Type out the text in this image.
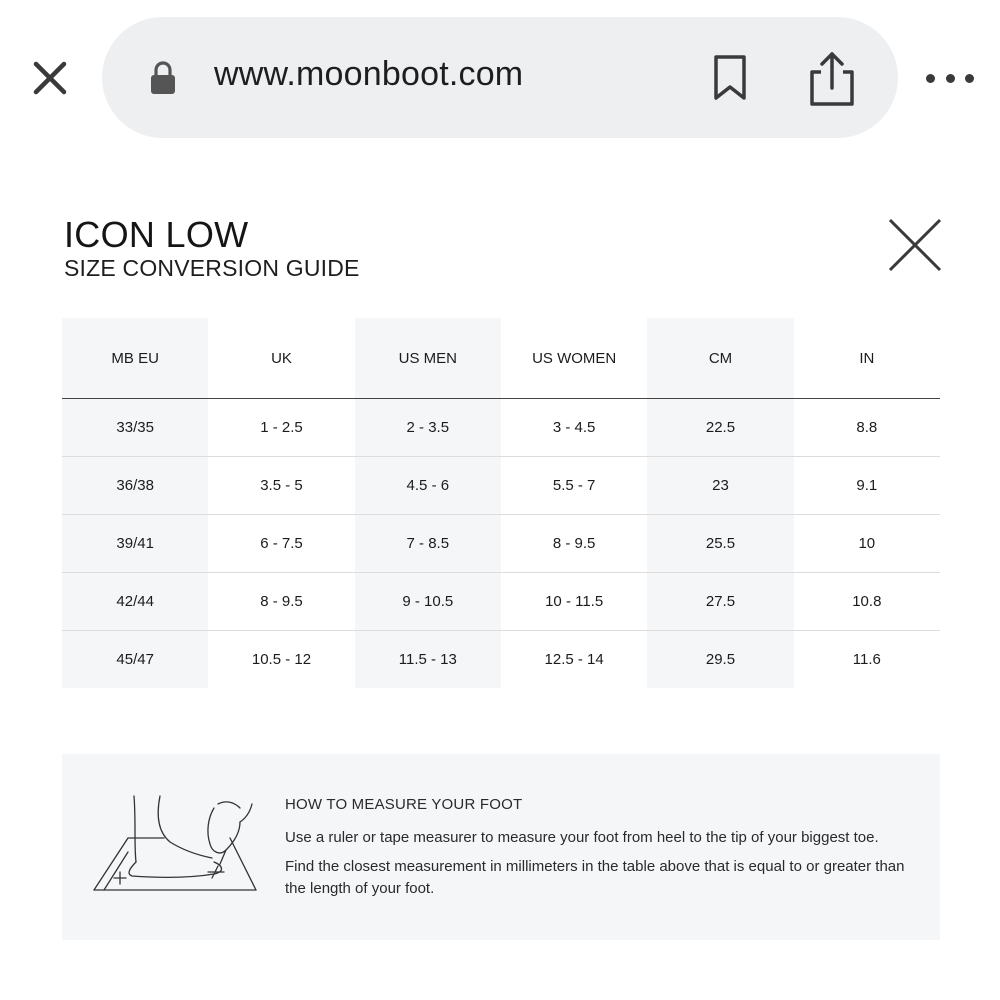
www.moonboot.com
ICON LOW
SIZE CONVERSION GUIDE
MB EU	UK	US MEN	US WOMEN	CM	IN
33/35	1 - 2.5	2 - 3.5	3 - 4.5	22.5	8.8
36/38	3.5 - 5	4.5 - 6	5.5 - 7	23	9.1
39/41	6 - 7.5	7 - 8.5	8 - 9.5	25.5	10
42/44	8 - 9.5	9 - 10.5	10 - 11.5	27.5	10.8
45/47	10.5 - 12	11.5 - 13	12.5 - 14	29.5	11.6
HOW TO MEASURE YOUR FOOT
Use a ruler or tape measurer to measure your foot from heel to the tip of your biggest toe.
Find the closest measurement in millimeters in the table above that is equal to or greater than the length of your foot.
